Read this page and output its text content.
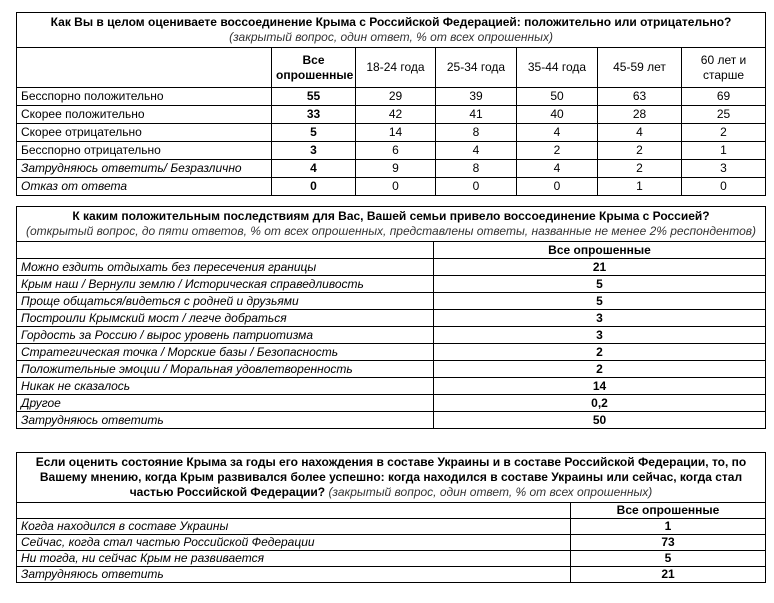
Как Вы в целом оцениваете воссоединение Крыма с Российской Федерацией: положительно или отрицательно?
(закрытый вопрос, один ответ, % от всех опрошенных)						
	Все опрошенные	18-24 года	25-34 года	35-44 года	45-59 лет	60 лет и старше
Бесспорно положительно	55	29	39	50	63	69
Скорее положительно	33	42	41	40	28	25
Скорее отрицательно	5	14	8	4	4	2
Бесспорно отрицательно	3	6	4	2	2	1
Затрудняюсь ответить/ Безразлично	4	9	8	4	2	3
Отказ от ответа	0	0	0	0	1	0
К каким положительным последствиям для Вас, Вашей семьи привело воссоединение Крыма с Россией?
(открытый вопрос, до пяти ответов, % от всех опрошенных, представлены ответы, названные не менее 2% респондентов)	
	Все опрошенные
Можно ездить отдыхать без пересечения границы	21
Крым наш / Вернули землю / Историческая справедливость	5
Проще общаться/видеться с родней и друзьями	5
Построили Крымский мост / легче добраться	3
Гордость за Россию / вырос уровень патриотизма	3
Стратегическая точка / Морские базы / Безопасность	2
Положительные эмоции / Моральная удовлетворенность	2
Никак не сказалось	14
Другое	0,2
Затрудняюсь ответить	50
Если оценить состояние Крыма за годы его нахождения в составе Украины и в составе Российской Федерации, то, по Вашему мнению, когда Крым развивался более успешно: когда находился в составе Украины или сейчас, когда стал частью Российской Федерации? (закрытый вопрос, один ответ, % от всех опрошенных)	
	Все опрошенные
Когда находился в составе Украины	1
Сейчас, когда стал частью Российской Федерации	73
Ни тогда, ни сейчас Крым не развивается	5
Затрудняюсь ответить	21
